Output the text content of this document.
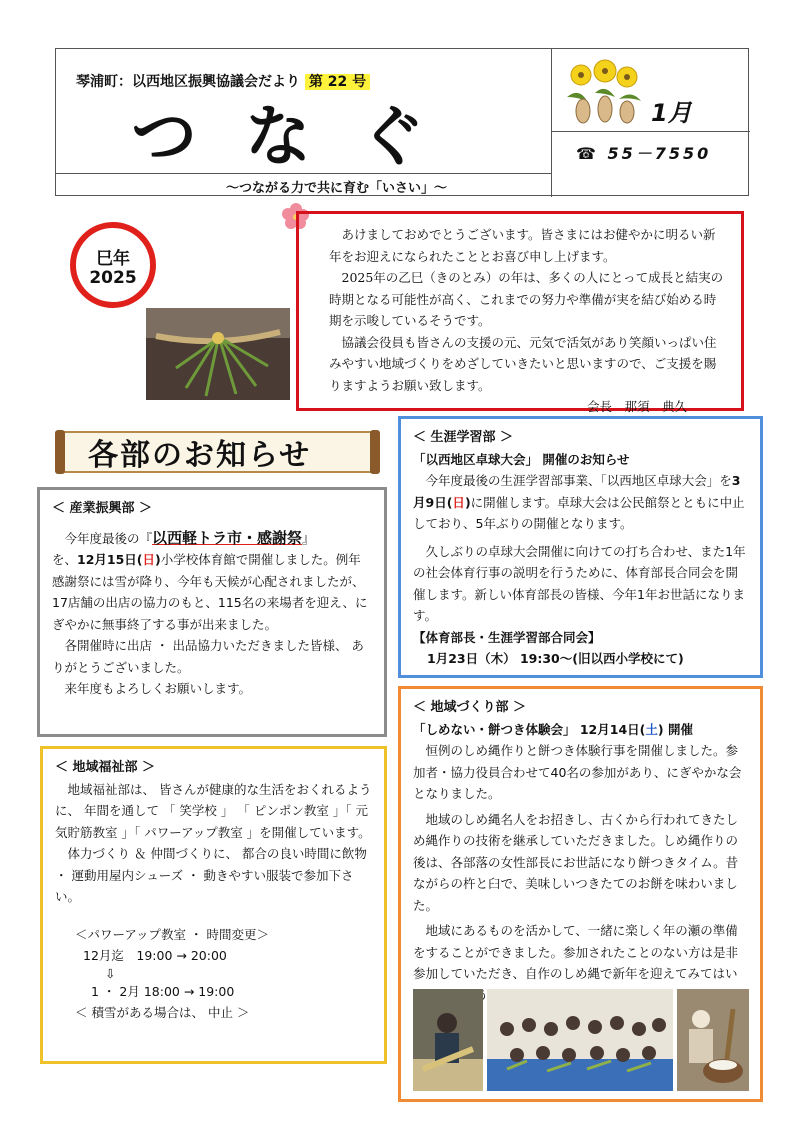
琴浦町：以西地区振興協議会だより 第 22 号
つなぐ
～つながる力で共に育む「いさい」～
1月
☎ 55－7550
巳年
2025

あけましておめでとうございます。皆さまにはお健やかに明るい新年をお迎えになられたこととお喜び申し上げます。

2025年の乙巳（きのとみ）の年は、多くの人にとって成長と結実の時期となる可能性が高く、これまでの努力や準備が実を結び始める時期を示唆しているそうです。

協議会役員も皆さんの支援の元、元気で活気があり笑顔いっぱい住みやすい地域づくりをめざしていきたいと思いますので、ご支援を賜りますようお願い致します。

会長　那須　典久

各部のお知らせ
＜ 産業振興部 ＞

今年度最後の『以西軽トラ市・感謝祭』

を、12月15日(日)小学校体育館で開催しました。例年感謝祭には雪が降り、今年も天候が心配されましたが、17店舗の出店の協力のもと、115名の来場者を迎え、にぎやかに無事終了する事が出来ました。

各開催時に出店 ・ 出品協力いただきました皆様、 ありがとうございました。

来年度もよろしくお願いします。

＜ 地域福祉部 ＞

地域福祉部は、 皆さんが健康的な生活をおくれるように、 年間を通して 「 笑学校 」 「 ピンポン教室 」「 元気貯筋教室 」「 パワーアップ教室 」を開催しています。

体力づくり ＆ 仲間づくりに、 都合の良い時間に飲物 ・ 運動用屋内シューズ ・ 動きやすい服装で参加下さい。

＜パワーアップ教室 ・ 時間変更＞

12月迄　19:00 → 20:00

⇩

1 ・ 2月 18:00 → 19:00

＜ 積雪がある場合は、 中止 ＞

＜ 生涯学習部 ＞

「以西地区卓球大会」 開催のお知らせ

今年度最後の生涯学習部事業、「以西地区卓球大会」を3月9日(日)に開催します。卓球大会は公民館祭とともに中止しており、5年ぶりの開催となります。

久しぶりの卓球大会開催に向けての打ち合わせ、また1年の社会体育行事の説明を行うために、体育部長合同会を開催します。新しい体育部長の皆様、今年1年お世話になります。

【体育部長・生涯学習部合同会】

1月23日（木） 19:30～(旧以西小学校にて)

＜ 地域づくり部 ＞

「しめない・餅つき体験会」 12月14日(土) 開催

恒例のしめ縄作りと餅つき体験行事を開催しました。参加者・協力役員合わせて40名の参加があり、にぎやかな会となりました。

地域のしめ縄名人をお招きし、古くから行われてきたしめ縄作りの技術を継承していただきました。しめ縄作りの後は、各部落の女性部長にお世話になり餅つきタイム。昔ながらの杵と臼で、美味しいつきたてのお餅を味わいました。

地域にあるものを活かして、一緒に楽しく年の瀬の準備をすることができました。参加されたことのない方は是非参加していただき、自作のしめ縄で新年を迎えてみてはい
